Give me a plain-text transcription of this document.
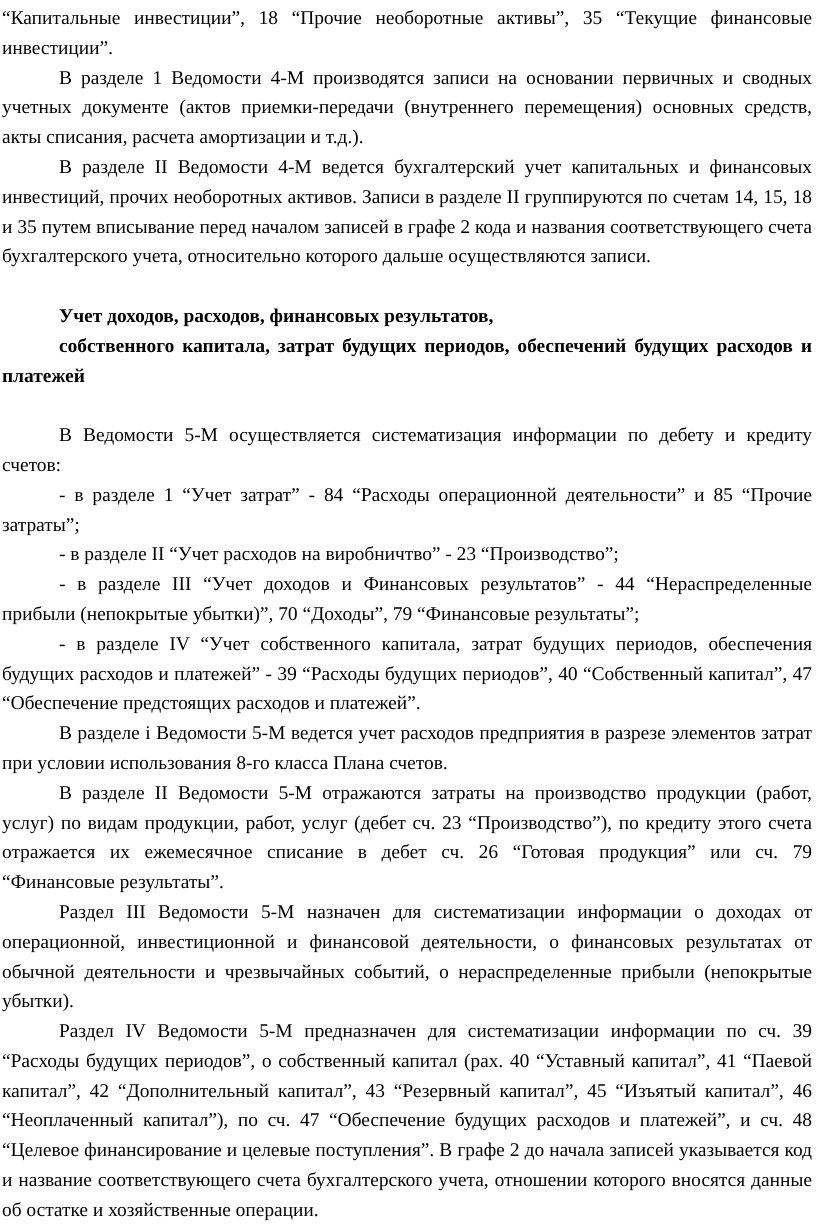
“Капитальные инвестиции”, 18 “Прочие необоротные активы”, 35 “Текущие финансовые инвестиции”.

В разделе 1 Ведомости 4-М производятся записи на основании первичных и сводных учетных документе (актов приемки-передачи (внутреннего перемещения) основных средств, акты списания, расчета амортизации и т.д.).

В разделе II Ведомости 4-М ведется бухгалтерский учет капитальных и финансовых инвестиций, прочих необоротных активов. Записи в разделе II группируются по счетам 14, 15, 18 и 35 путем вписывание перед началом записей в графе 2 кода и названия соответствующего счета бухгалтерского учета, относительно которого дальше осуществляются записи.

Учет доходов, расходов, финансовых результатов,

собственного капитала, затрат будущих периодов, обеспечений будущих расходов и платежей

В Ведомости 5-М осуществляется систематизация информации по дебету и кредиту счетов:

- в разделе 1 “Учет затрат” - 84 “Расходы операционной деятельности” и 85 “Прочие затраты”;

- в разделе II “Учет расходов на виробничтво” - 23 “Производство”;

- в разделе III “Учет доходов и Финансовых результатов” - 44 “Нераспределенные прибыли (непокрытые убытки)”, 70 “Доходы”, 79 “Финансовые результаты”;

- в разделе IV “Учет собственного капитала, затрат будущих периодов, обеспечения будущих расходов и платежей” - 39 “Расходы будущих периодов”, 40 “Собственный капитал”, 47 “Обеспечение предстоящих расходов и платежей”.

В разделе і Ведомости 5-М ведется учет расходов предприятия в разрезе элементов затрат при условии использования 8-го класса Плана счетов.

В разделе II Ведомости 5-М отражаются затраты на производство продукции (работ, услуг) по видам продукции, работ, услуг (дебет сч. 23 “Производство”), по кредиту этого счета отражается их ежемесячное списание в дебет сч. 26 “Готовая продукция” или сч. 79 “Финансовые результаты”.

Раздел III Ведомости 5-М назначен для систематизации информации о доходах от операционной, инвестиционной и финансовой деятельности, о финансовых результатах от обычной деятельности и чрезвычайных событий, о нераспределенные прибыли (непокрытые убытки).

Раздел IV Ведомости 5-М предназначен для систематизации информации по сч. 39 “Расходы будущих периодов”, о собственный капитал (рах. 40 “Уставный капитал”, 41 “Паевой капитал”, 42 “Дополнительный капитал”, 43 “Резервный капитал”, 45 “Изъятый капитал”, 46 “Неоплаченный капитал”), по сч. 47 “Обеспечение будущих расходов и платежей”, и сч. 48 “Целевое финансирование и целевые поступления”. В графе 2 до начала записей указывается код и название соответствующего счета бухгалтерского учета, отношении которого вносятся данные об остатке и хозяйственные операции.
